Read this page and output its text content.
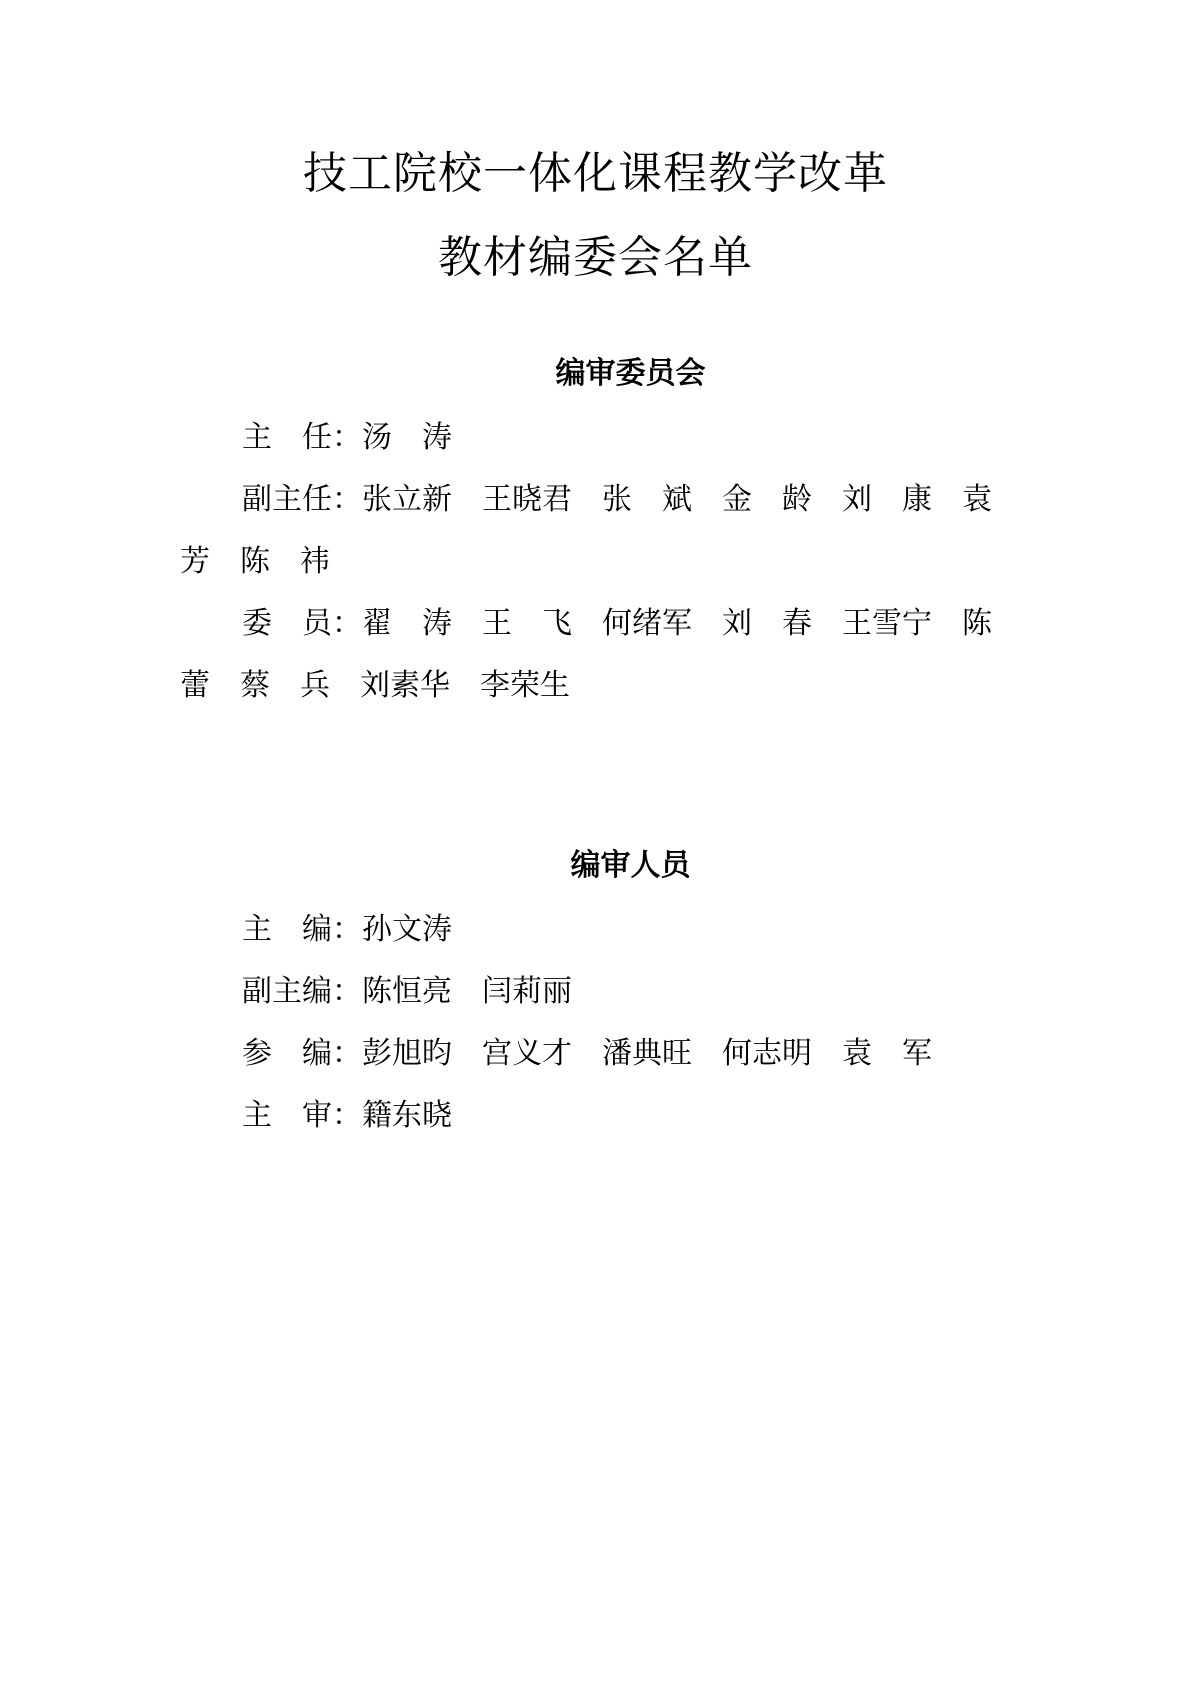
技工院校一体化课程教学改革
教材编委会名单
编审委员会
主　任：汤　涛
副主任：张立新　王晓君　张　斌　金　龄　刘　康　袁
芳　陈　祎
委　员：翟　涛　王　飞　何绪军　刘　春　王雪宁　陈
蕾　蔡　兵　刘素华　李荣生
编审人员
主　编：孙文涛
副主编：陈恒亮　闫莉丽
参　编：彭旭昀　宫义才　潘典旺　何志明　袁　军
主　审：籍东晓
